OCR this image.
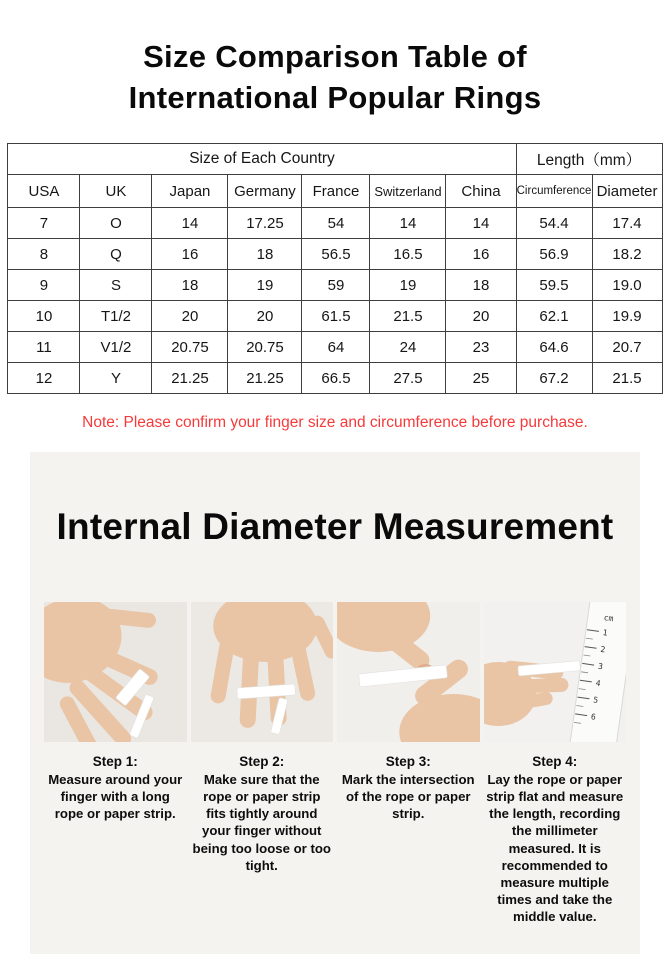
Size Comparison Table of
International Popular Rings
Size of Each Country							Length（mm）	
USA	UK	Japan	Germany	France	Switzerland	China	Circumference	Diameter
7	O	14	17.25	54	14	14	54.4	17.4
8	Q	16	18	56.5	16.5	16	56.9	18.2
9	S	18	19	59	19	18	59.5	19.0
10	T1/2	20	20	61.5	21.5	20	62.1	19.9
11	V1/2	20.75	20.75	64	24	23	64.6	20.7
12	Y	21.25	21.25	66.5	27.5	25	67.2	21.5
Note: Please confirm your finger size and circumference before purchase.
Internal Diameter Measurement
Step 1:
Measure around your finger with a long rope or paper strip.
Step 2:
Make sure that the rope or paper strip fits tightly around your finger without being too loose or too tight.
Step 3:
Mark the intersection of the rope or paper strip.
cm
1
2
3
4
5
6
Step 4:
Lay the rope or paper strip flat and measure the length, recording the millimeter measured. It is recommended to measure multiple times and take the middle value.
